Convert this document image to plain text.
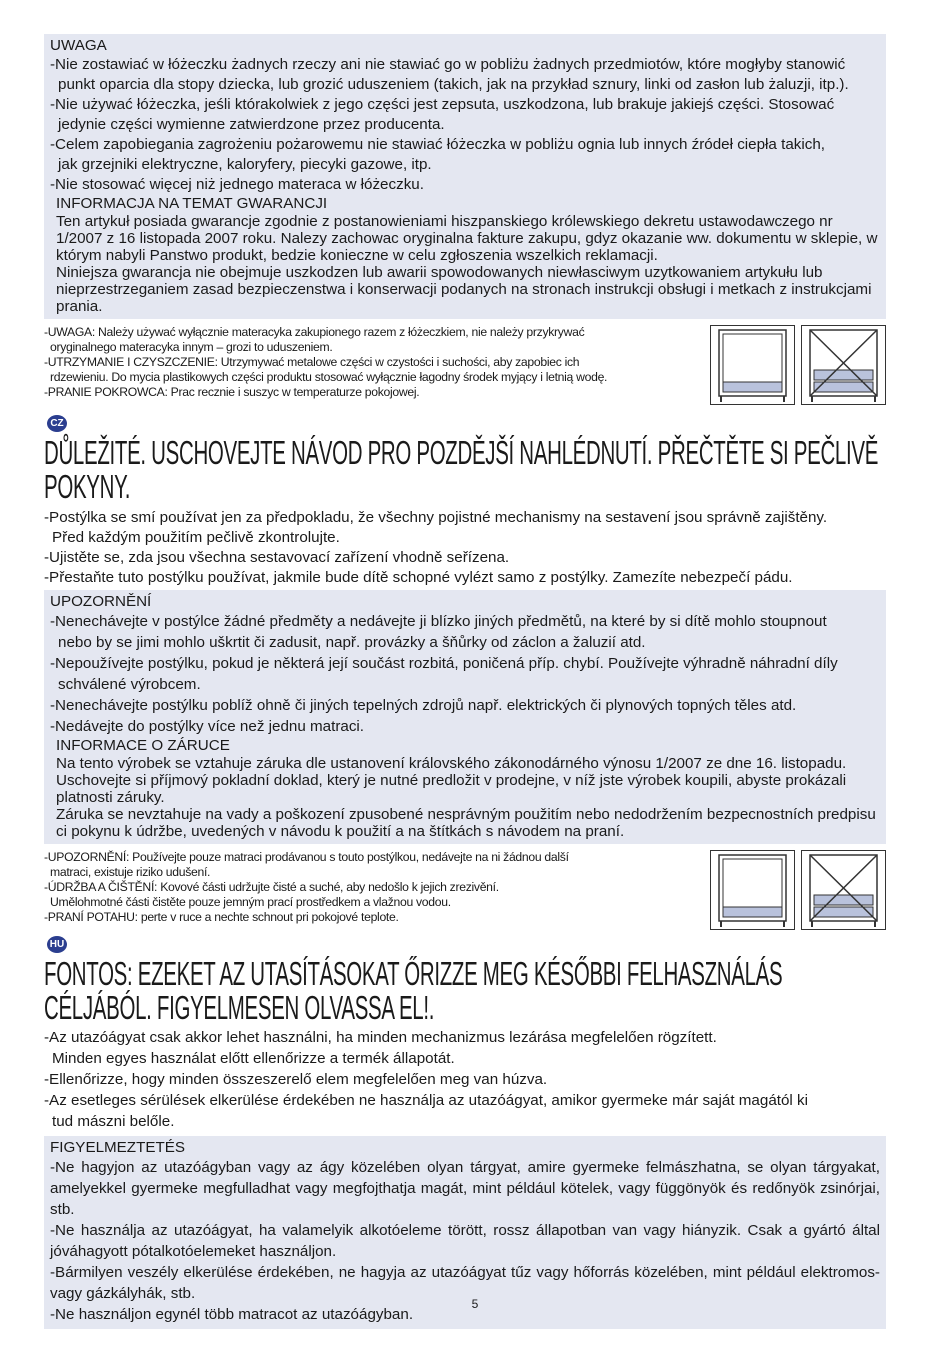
UWAGA

-Nie zostawiać w łóżeczku żadnych rzeczy ani nie stawiać go w pobliżu żadnych przedmiotów, które mogłyby stanowić
punkt oparcia dla stopy dziecka, lub grozić uduszeniem (takich, jak na przykład sznury, linki od zasłon lub żaluzji, itp.).

-Nie używać łóżeczka, jeśli którakolwiek z jego części jest zepsuta, uszkodzona, lub brakuje jakiejś części. Stosować
jedynie części wymienne zatwierdzone przez producenta.

-Celem zapobiegania zagrożeniu pożarowemu nie stawiać łóżeczka w pobliżu ognia lub innych źródeł ciepła takich,
jak grzejniki elektryczne, kaloryfery, piecyki gazowe, itp.

-Nie stosować więcej niż jednego materaca w łóżeczku.

INFORMACJA NA TEMAT GWARANCJI

Ten artykuł posiada gwarancje zgodnie z postanowieniami hiszpanskiego królewskiego dekretu ustawodawczego nr 1/2007 z 16 listopada 2007 roku. Nalezy zachowac oryginalna fakture zakupu, gdyz okazanie ww. dokumentu w sklepie, w którym nabyli Panstwo produkt, bedzie konieczne w celu zgłoszenia wszelkich reklamacji.

Niniejsza gwarancja nie obejmuje uszkodzen lub awarii spowodowanych niewłasciwym uzytkowaniem artykułu lub nieprzestrzeganiem zasad bezpieczenstwa i konserwacji podanych na stronach instrukcji obsługi i metkach z instrukcjami prania.

-UWAGA: Należy używać wyłącznie materacyka zakupionego razem z łóżeczkiem, nie należy przykrywać
oryginalnego materacyka innym – grozi to uduszeniem.

-UTRZYMANIE I CZYSZCZENIE: Utrzymywać metalowe części w czystości i suchości, aby zapobiec ich
rdzewieniu. Do mycia plastikowych części produktu stosować wyłącznie łagodny środek myjący i letnią wodę.

-PRANIE POKROWCA: Prac recznie i suszyc w temperaturze pokojowej.

CZ

DŮLEŽITÉ. USCHOVEJTE NÁVOD PRO POZDĚJŠÍ NAHLÉDNUTÍ. PŘEČTĚTE SI PEČLIVĚ POKYNY.

-Postýlka se smí používat jen za předpokladu, že všechny pojistné mechanismy na sestavení jsou správně zajištěny.
Před každým použitím pečlivě zkontrolujte.

-Ujistěte se, zda jsou všechna sestavovací zařízení vhodně seřízena.

-Přestaňte tuto postýlku používat, jakmile bude dítě schopné vylézt samo z postýlky. Zamezíte nebezpečí pádu.

UPOZORNĚNÍ

-Nenechávejte v postýlce žádné předměty a nedávejte ji blízko jiných předmětů, na které by si dítě mohlo stoupnout
nebo by se jimi mohlo uškrtit či zadusit, např. provázky a šňůrky od záclon a žaluzií atd.

-Nepoužívejte postýlku, pokud je některá její součást rozbitá, poničená příp. chybí. Používejte výhradně náhradní díly
schválené výrobcem.

-Nenechávejte postýlku poblíž ohně či jiných tepelných zdrojů např. elektrických či plynových topných těles atd.

-Nedávejte do postýlky více než jednu matraci.

INFORMACE O ZÁRUCE

Na tento výrobek se vztahuje záruka dle ustanovení královského zákonodárného výnosu 1/2007 ze dne 16. listopadu. Uschovejte si příjmový pokladní doklad, který je nutné predložit v prodejne, v níž jste výrobek koupili, abyste prokázali platnosti záruky.

Záruka se nevztahuje na vady a poškození zpusobené nesprávným použitím nebo nedodržením bezpecnostních predpisu ci pokynu k údržbe, uvedených v návodu k použití a na štítkách s návodem na praní.

-UPOZORNĚNÍ: Používejte pouze matraci prodávanou s touto postýlkou, nedávejte na ni žádnou další
matraci, existuje riziko udušení.

-ÚDRŽBA A ČIŠTĚNÍ: Kovové části udržujte čisté a suché, aby nedošlo k jejich zrezivění.
Umělohmotné části čistěte pouze jemným prací prostředkem a vlažnou vodou.

-PRANÍ POTAHU: perte v ruce a nechte schnout pri pokojové teplote.

HU

FONTOS: EZEKET AZ UTASÍTÁSOKAT ŐRIZZE MEG KÉSŐBBI FELHASZNÁLÁS CÉLJÁBÓL. FIGYELMESEN OLVASSA EL!.

-Az utazóágyat csak akkor lehet használni, ha minden mechanizmus lezárása megfelelően rögzített.
Minden egyes használat előtt ellenőrizze a termék állapotát.

-Ellenőrizze, hogy minden összeszerelő elem megfelelően meg van húzva.

-Az esetleges sérülések elkerülése érdekében ne használja az utazóágyat, amikor gyermeke már saját magától ki
tud mászni belőle.

FIGYELMEZTETÉS

-Ne hagyjon az utazóágyban vagy az ágy közelében olyan tárgyat, amire gyermeke felmászhatna, se olyan tárgyakat, amelyekkel gyermeke megfulladhat vagy megfojthatja magát, mint például kötelek, vagy függönyök és redőnyök zsinórjai, stb.

-Ne használja az utazóágyat, ha valamelyik alkotóeleme törött, rossz állapotban van vagy hiányzik. Csak a gyártó által jóváhagyott pótalkotóelemeket használjon.

-Bármilyen veszély elkerülése érdekében, ne hagyja az utazóágyat tűz vagy hőforrás közelében, mint például elektromos- vagy gázkályhák, stb.

-Ne használjon egynél több matracot az utazóágyban.

5
